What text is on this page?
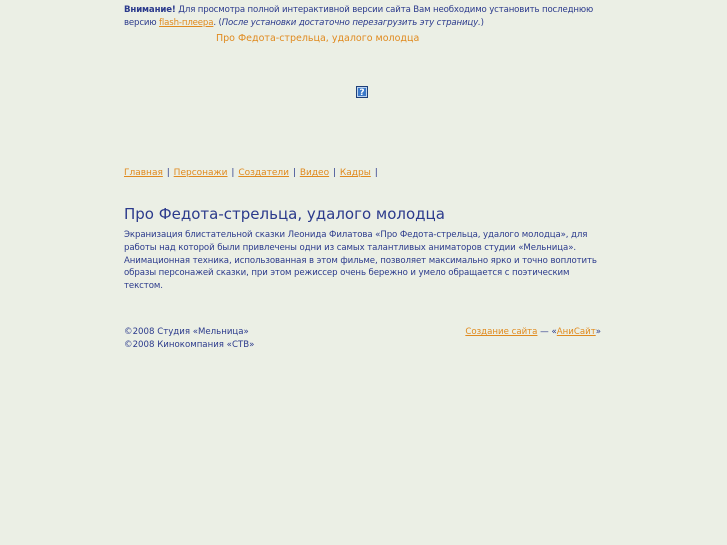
Внимание! Для просмотра полной интерактивной версии сайта Вам необходимо установить последнюю версию flash-плеера. (После установки достаточно перезагрузить эту страницу.)
Про Федота-стрельца, удалого молодца
?
Главная | Персонажи | Создатели | Видео | Кадры |
Про Федота-стрельца, удалого молодца

Экранизация блистательной сказки Леонида Филатова «Про Федота-стрельца, удалого молодца», для работы над которой были привлечены одни из самых талантливых аниматоров студии «Мельница». Анимационная техника, использованная в этом фильме, позволяет максимально ярко и точно воплотить образы персонажей сказки, при этом режиссер очень бережно и умело обращается с поэтическим текстом.

©2008 Студия «Мельница»
©2008 Кинокомпания «СТВ»
Создание сайта — «АниСайт»
